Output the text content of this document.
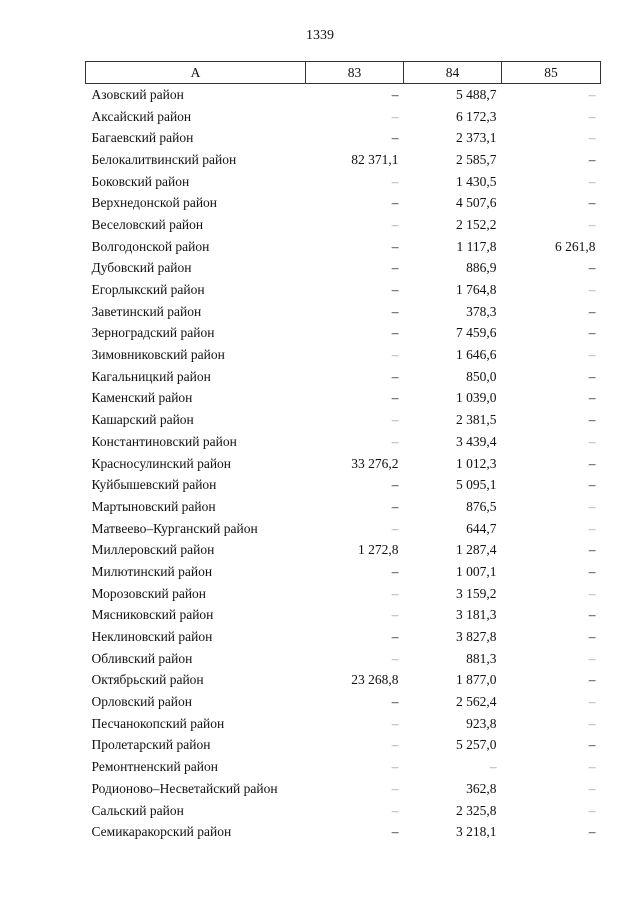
1339
А	83	84	85
Азовский район	–	5 488,7	–
Аксайский район	–	6 172,3	–
Багаевский район	–	2 373,1	–
Белокалитвинский район	82 371,1	2 585,7	–
Боковский район	–	1 430,5	–
Верхнедонской район	–	4 507,6	–
Веселовский район	–	2 152,2	–
Волгодонской район	–	1 117,8	6 261,8
Дубовский район	–	886,9	–
Егорлыкский район	–	1 764,8	–
Заветинский район	–	378,3	–
Зерноградский район	–	7 459,6	–
Зимовниковский район	–	1 646,6	–
Кагальницкий район	–	850,0	–
Каменский район	–	1 039,0	–
Кашарский район	–	2 381,5	–
Константиновский район	–	3 439,4	–
Красносулинский район	33 276,2	1 012,3	–
Куйбышевский район	–	5 095,1	–
Мартыновский район	–	876,5	–
Матвеево–Курганский район	–	644,7	–
Миллеровский район	1 272,8	1 287,4	–
Милютинский район	–	1 007,1	–
Морозовский район	–	3 159,2	–
Мясниковский район	–	3 181,3	–
Неклиновский район	–	3 827,8	–
Обливский район	–	881,3	–
Октябрьский район	23 268,8	1 877,0	–
Орловский район	–	2 562,4	–
Песчанокопский район	–	923,8	–
Пролетарский район	–	5 257,0	–
Ремонтненский район	–	–	–
Родионово–Несветайский район	–	362,8	–
Сальский район	–	2 325,8	–
Семикаракорский район	–	3 218,1	–
